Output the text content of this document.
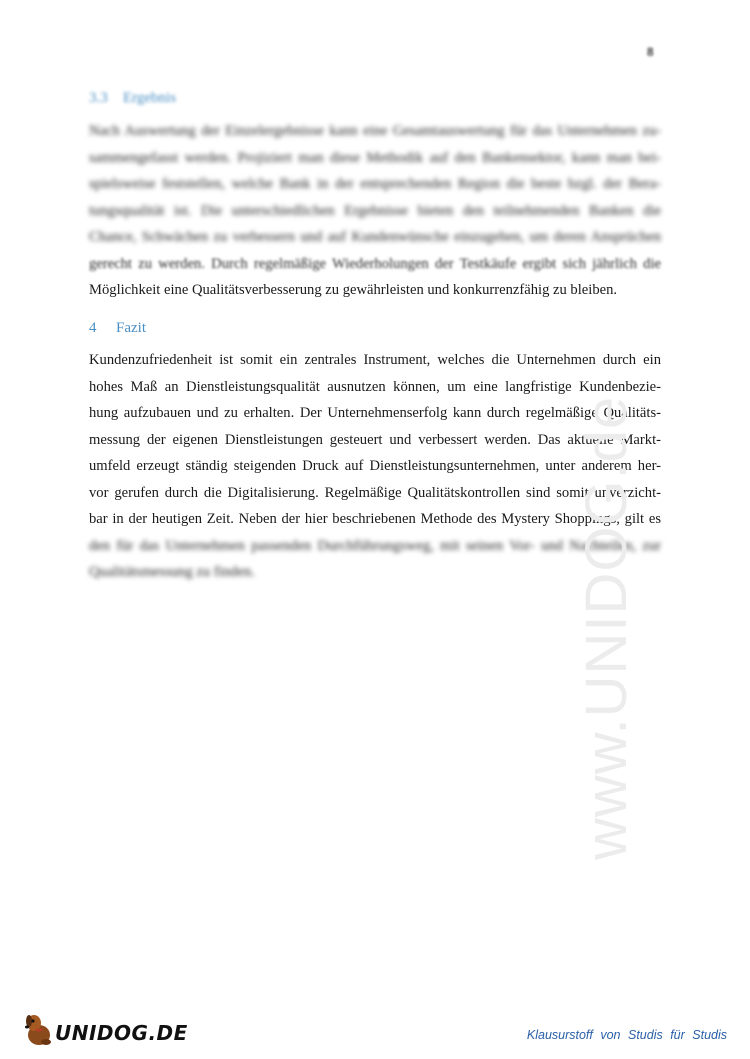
8
3.3 Ergebnis
Nach Auswertung der Einzelergebnisse kann eine Gesamtauswertung für das Unternehmen zu-
sammengefasst werden. Projiziert man diese Methodik auf den Bankensektor, kann man bei-
spielsweise feststellen, welche Bank in der entsprechenden Region die beste bzgl. der Bera-
tungsqualität ist. Die unterschiedlichen Ergebnisse bieten den teilnehmenden Banken die
Chance, Schwächen zu verbessern und auf Kundenwünsche einzugehen, um deren Ansprüchen
gerecht zu werden. Durch regelmäßige Wiederholungen der Testkäufe ergibt sich jährlich die
Möglichkeit eine Qualitätsverbesserung zu gewährleisten und konkurrenzfähig zu bleiben.
4 Fazit
Kundenzufriedenheit ist somit ein zentrales Instrument, welches die Unternehmen durch ein
hohes Maß an Dienstleistungsqualität ausnutzen können, um eine langfristige Kundenbezie-
hung aufzubauen und zu erhalten. Der Unternehmenserfolg kann durch regelmäßige Qualitäts-
messung der eigenen Dienstleistungen gesteuert und verbessert werden. Das aktuelle Markt-
umfeld erzeugt ständig steigenden Druck auf Dienstleistungsunternehmen, unter anderem her-
vor gerufen durch die Digitalisierung. Regelmäßige Qualitätskontrollen sind somit unverzicht-
bar in der heutigen Zeit. Neben der hier beschriebenen Methode des Mystery Shoppings, gilt es
den für das Unternehmen passenden Durchführungsweg, mit seinen Vor- und Nachteilen, zur
Qualitätsmessung zu finden.	www.UNIDOG.de
UNIDOG.DE	Klausurstoff von Studis für Studis
